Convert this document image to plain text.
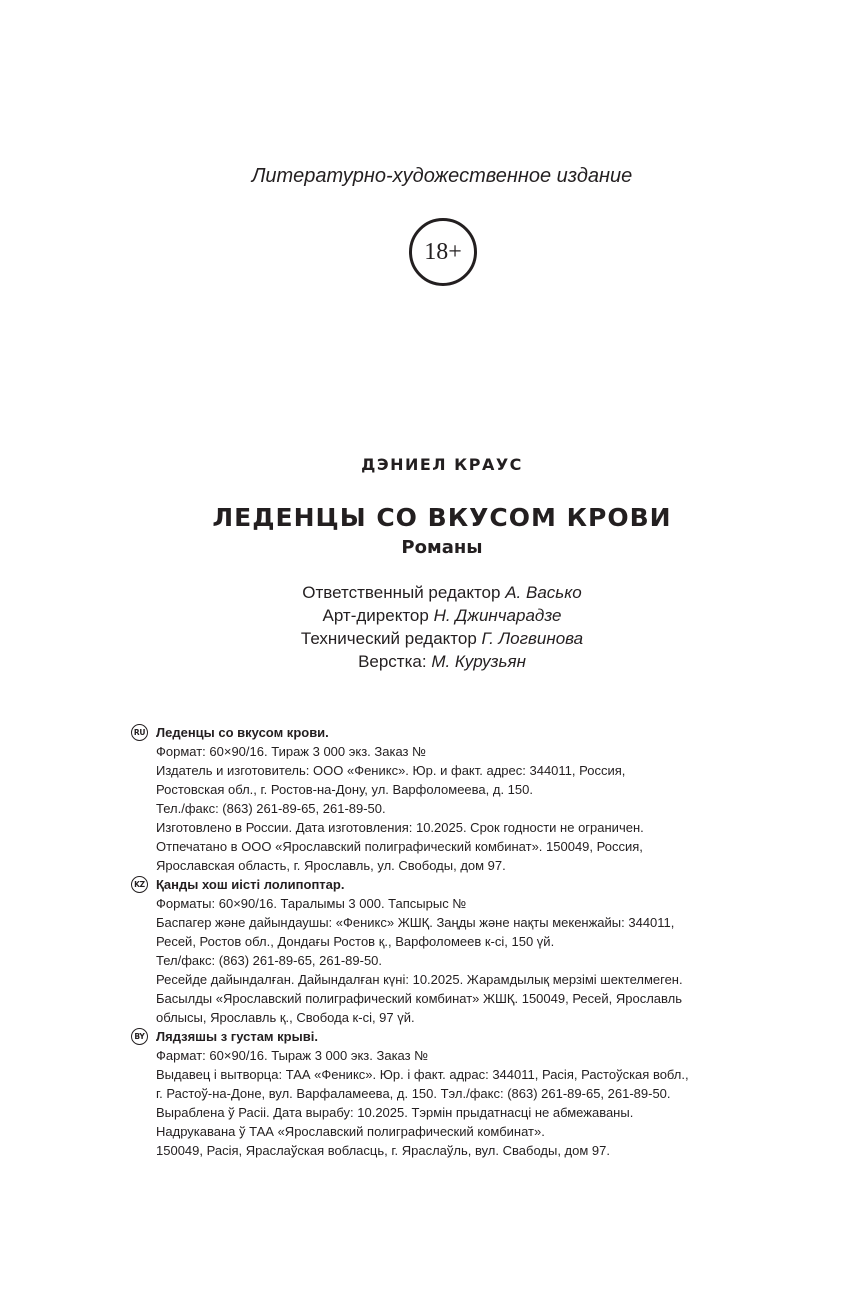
Литературно-художественное издание
18+
ДЭНИЕЛ КРАУС
ЛЕДЕНЦЫ СО ВКУСОМ КРОВИ
Романы
Ответственный редактор А. Васько
Арт-директор Н. Джинчарадзе
Технический редактор Г. Логвинова
Верстка: М. Курузьян
RU Леденцы со вкусом крови.
Формат: 60×90/16. Тираж 3 000 экз. Заказ №
Издатель и изготовитель: ООО «Феникс». Юр. и факт. адрес: 344011, Россия,
Ростовская обл., г. Ростов-на-Дону, ул. Варфоломеева, д. 150.
Тел./факс: (863) 261-89-65, 261-89-50.
Изготовлено в России. Дата изготовления: 10.2025. Срок годности не ограничен.
Отпечатано в ООО «Ярославский полиграфический комбинат». 150049, Россия,
Ярославская область, г. Ярославль, ул. Свободы, дом 97.
KZ Қанды хош иісті лолипоптар.
Форматы: 60×90/16. Таралымы 3 000. Тапсырыс №
Баспагер және дайындаушы: «Феникс» ЖШҚ. Заңды және нақты мекенжайы: 344011,
Ресей, Ростов обл., Дондағы Ростов қ., Варфоломеев к-сі, 150 үй.
Тел/факс: (863) 261-89-65, 261-89-50.
Ресейде дайындалған. Дайындалған күні: 10.2025. Жарамдылық мерзімі шектелмеген.
Басылды «Ярославский полиграфический комбинат» ЖШҚ. 150049, Ресей, Ярославль
облысы, Ярославль қ., Свобода к-сі, 97 үй.
BY Лядзяшы з густам крыві.
Фармат: 60×90/16. Тыраж 3 000 экз. Заказ №
Выдавец і вытворца: ТАА «Феникс». Юр. і факт. адрас: 344011, Расія, Растоўская вобл.,
г. Растоў-на-Доне, вул. Варфаламеева, д. 150. Тэл./факс: (863) 261-89-65, 261-89-50.
Выраблена ў Расіі. Дата вырабу: 10.2025. Тэрмін прыдатнасці не абмежаваны.
Надрукавана ў ТАА «Ярославский полиграфический комбинат».
150049, Расія, Яраслаўская вобласць, г. Яраслаўль, вул. Свабоды, дом 97.
